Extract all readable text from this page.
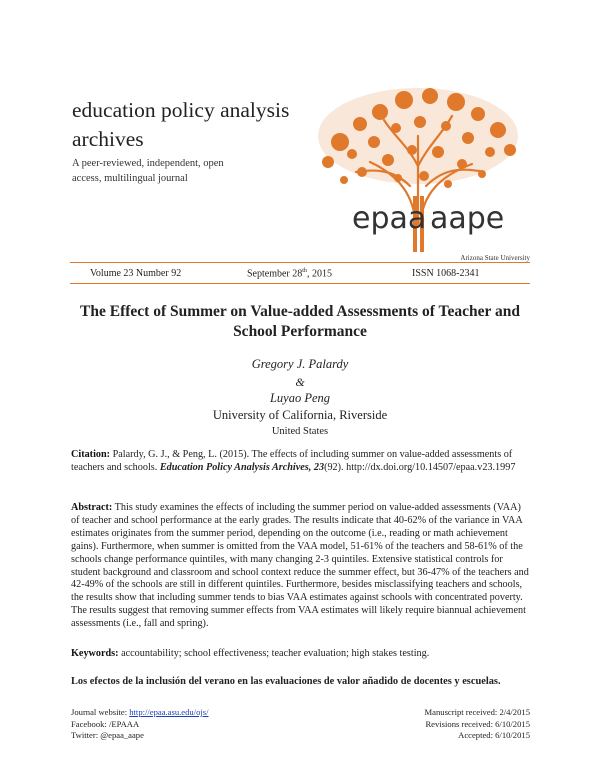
education policy analysis archives
A peer-reviewed, independent, open access, multilingual journal
epaa aape
Arizona State University
Volume 23 Number 92	September 28th, 2015	ISSN 1068-2341
The Effect of Summer on Value-added Assessments of Teacher and School Performance
Gregory J. Palardy
&
Luyao Peng
University of California, Riverside
United States
Citation: Palardy, G. J., & Peng, L. (2015). The effects of including summer on value-added assessments of teachers and schools. Education Policy Analysis Archives, 23(92). http://dx.doi.org/10.14507/epaa.v23.1997
Abstract: This study examines the effects of including the summer period on value-added assessments (VAA) of teacher and school performance at the early grades. The results indicate that 40-62% of the variance in VAA estimates originates from the summer period, depending on the outcome (i.e., reading or math achievement gains). Furthermore, when summer is omitted from the VAA model, 51-61% of the teachers and 58-61% of the schools change performance quintiles, with many changing 2-3 quintiles. Extensive statistical controls for student background and classroom and school context reduce the summer effect, but 36-47% of the teachers and 42-49% of the schools are still in different quintiles. Furthermore, besides misclassifying teachers and schools, the results show that including summer tends to bias VAA estimates against schools with concentrated poverty. The results suggest that removing summer effects from VAA estimates will likely require biannual achievement assessments (i.e., fall and spring).
Keywords: accountability; school effectiveness; teacher evaluation; high stakes testing.
Los efectos de la inclusión del verano en las evaluaciones de valor añadido de docentes y escuelas.
Journal website: http://epaa.asu.edu/ojs/
Facebook: /EPAAA
Twitter: @epaa_aape
Manuscript received: 2/4/2015
Revisions received: 6/10/2015
Accepted: 6/10/2015
